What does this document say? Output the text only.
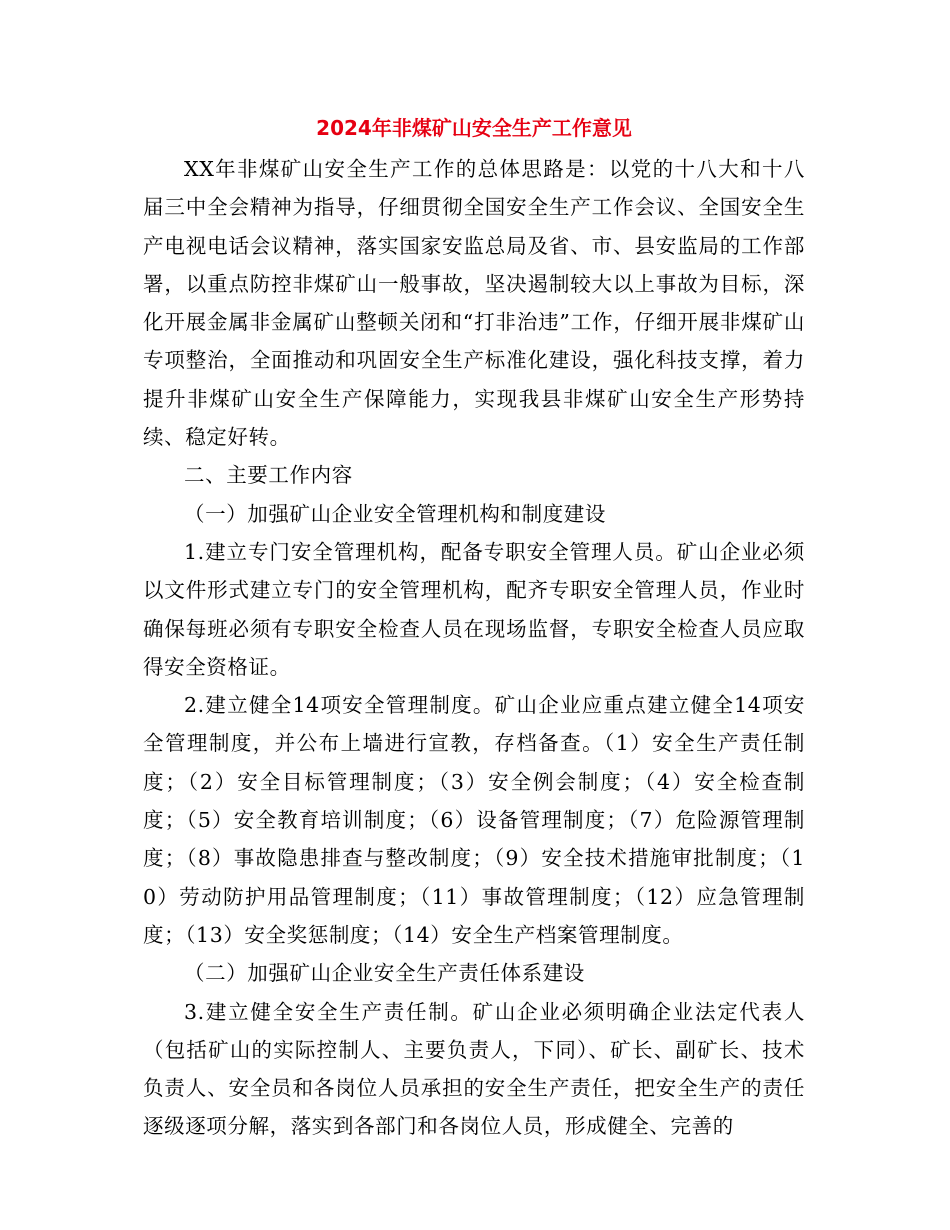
2024年非煤矿山安全生产工作意见

XX年非煤矿山安全生产工作的总体思路是：以党的十八大和十八届三中全会精神为指导，仔细贯彻全国安全生产工作会议、全国安全生产电视电话会议精神，落实国家安监总局及省、市、县安监局的工作部署，以重点防控非煤矿山一般事故，坚决遏制较大以上事故为目标，深化开展金属非金属矿山整顿关闭和“打非治违”工作，仔细开展非煤矿山专项整治，全面推动和巩固安全生产标准化建设，强化科技支撑，着力提升非煤矿山安全生产保障能力，实现我县非煤矿山安全生产形势持续、稳定好转。

二、主要工作内容

（一）加强矿山企业安全管理机构和制度建设

1.建立专门安全管理机构，配备专职安全管理人员。矿山企业必须以文件形式建立专门的安全管理机构，配齐专职安全管理人员，作业时确保每班必须有专职安全检查人员在现场监督，专职安全检查人员应取得安全资格证。

2.建立健全14项安全管理制度。矿山企业应重点建立健全14项安全管理制度，并公布上墙进行宣教，存档备查。（1）安全生产责任制度；（2）安全目标管理制度；（3）安全例会制度；（4）安全检查制度；（5）安全教育培训制度；（6）设备管理制度；（7）危险源管理制度；（8）事故隐患排查与整改制度；（9）安全技术措施审批制度；（10）劳动防护用品管理制度；（11）事故管理制度；（12）应急管理制度；（13）安全奖惩制度；（14）安全生产档案管理制度。

（二）加强矿山企业安全生产责任体系建设

3.建立健全安全生产责任制。矿山企业必须明确企业法定代表人（包括矿山的实际控制人、主要负责人，下同）、矿长、副矿长、技术负责人、安全员和各岗位人员承担的安全生产责任，把安全生产的责任逐级逐项分解，落实到各部门和各岗位人员，形成健全、完善的
